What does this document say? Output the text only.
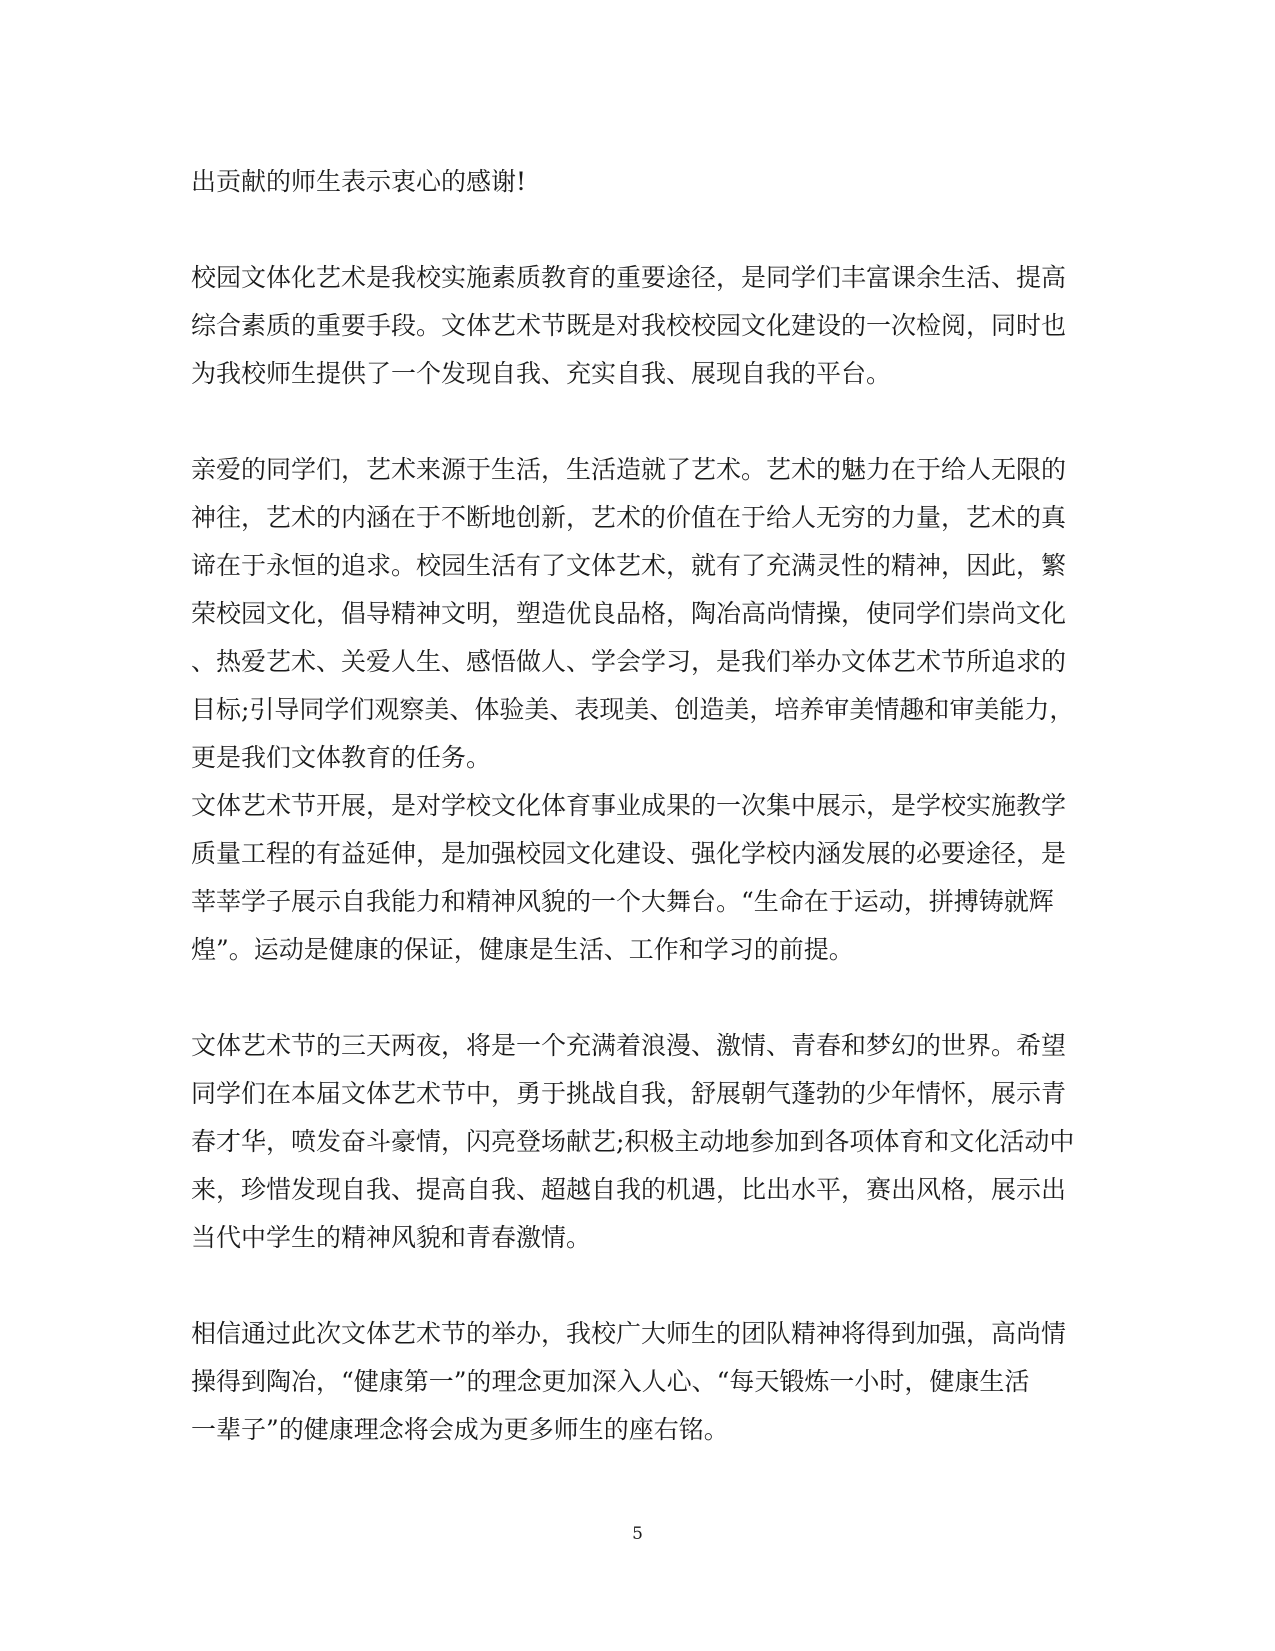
出贡献的师生表示衷心的感谢!
校园文体化艺术是我校实施素质教育的重要途径，是同学们丰富课余生活、提高
综合素质的重要手段。文体艺术节既是对我校校园文化建设的一次检阅，同时也
为我校师生提供了一个发现自我、充实自我、展现自我的平台。
亲爱的同学们，艺术来源于生活，生活造就了艺术。艺术的魅力在于给人无限的
神往，艺术的内涵在于不断地创新，艺术的价值在于给人无穷的力量，艺术的真
谛在于永恒的追求。校园生活有了文体艺术，就有了充满灵性的精神，因此，繁
荣校园文化，倡导精神文明，塑造优良品格，陶冶高尚情操，使同学们崇尚文化
、热爱艺术、关爱人生、感悟做人、学会学习，是我们举办文体艺术节所追求的
目标;引导同学们观察美、体验美、表现美、创造美，培养审美情趣和审美能力，
更是我们文体教育的任务。
文体艺术节开展，是对学校文化体育事业成果的一次集中展示，是学校实施教学
质量工程的有益延伸，是加强校园文化建设、强化学校内涵发展的必要途径，是
莘莘学子展示自我能力和精神风貌的一个大舞台。“生命在于运动，拼搏铸就辉
煌”。运动是健康的保证，健康是生活、工作和学习的前提。
文体艺术节的三天两夜，将是一个充满着浪漫、激情、青春和梦幻的世界。希望
同学们在本届文体艺术节中，勇于挑战自我，舒展朝气蓬勃的少年情怀，展示青
春才华，喷发奋斗豪情，闪亮登场献艺;积极主动地参加到各项体育和文化活动中
来，珍惜发现自我、提高自我、超越自我的机遇，比出水平，赛出风格，展示出
当代中学生的精神风貌和青春激情。
相信通过此次文体艺术节的举办，我校广大师生的团队精神将得到加强，高尚情
操得到陶冶，“健康第一”的理念更加深入人心、“每天锻炼一小时，健康生活
一辈子”的健康理念将会成为更多师生的座右铭。
5
